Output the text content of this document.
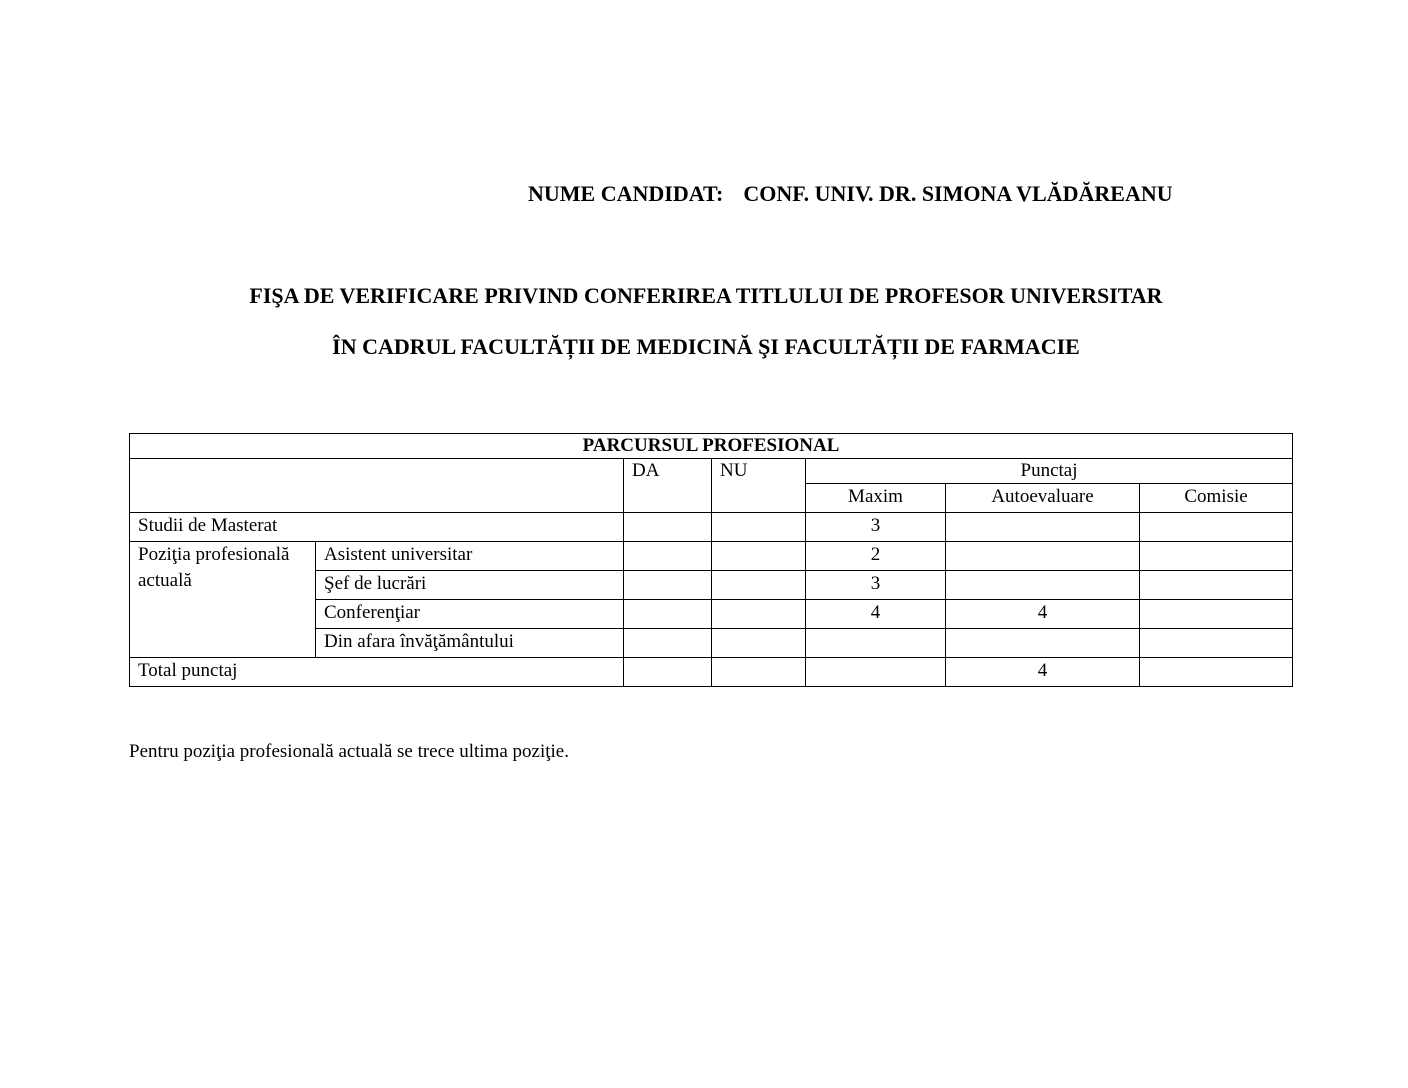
NUME CANDIDAT: CONF. UNIV. DR. SIMONA VLĂDĂREANU
FIŞA DE VERIFICARE PRIVIND CONFERIREA TITLULUI DE PROFESOR UNIVERSITAR
ÎN CADRUL FACULTĂȚII DE MEDICINĂ ŞI FACULTĂȚII DE FARMACIE
PARCURSUL PROFESIONAL						
		DA	NU	Punctaj		
				Maxim	Autoevaluare	Comisie
Studii de Masterat				3		
Poziţia profesională actuală	Asistent universitar			2		
	Şef de lucrări			3		
	Conferenţiar			4	4	
	Din afara învăţământului					
Total punctaj					4	
Pentru poziţia profesională actuală se trece ultima poziţie.
